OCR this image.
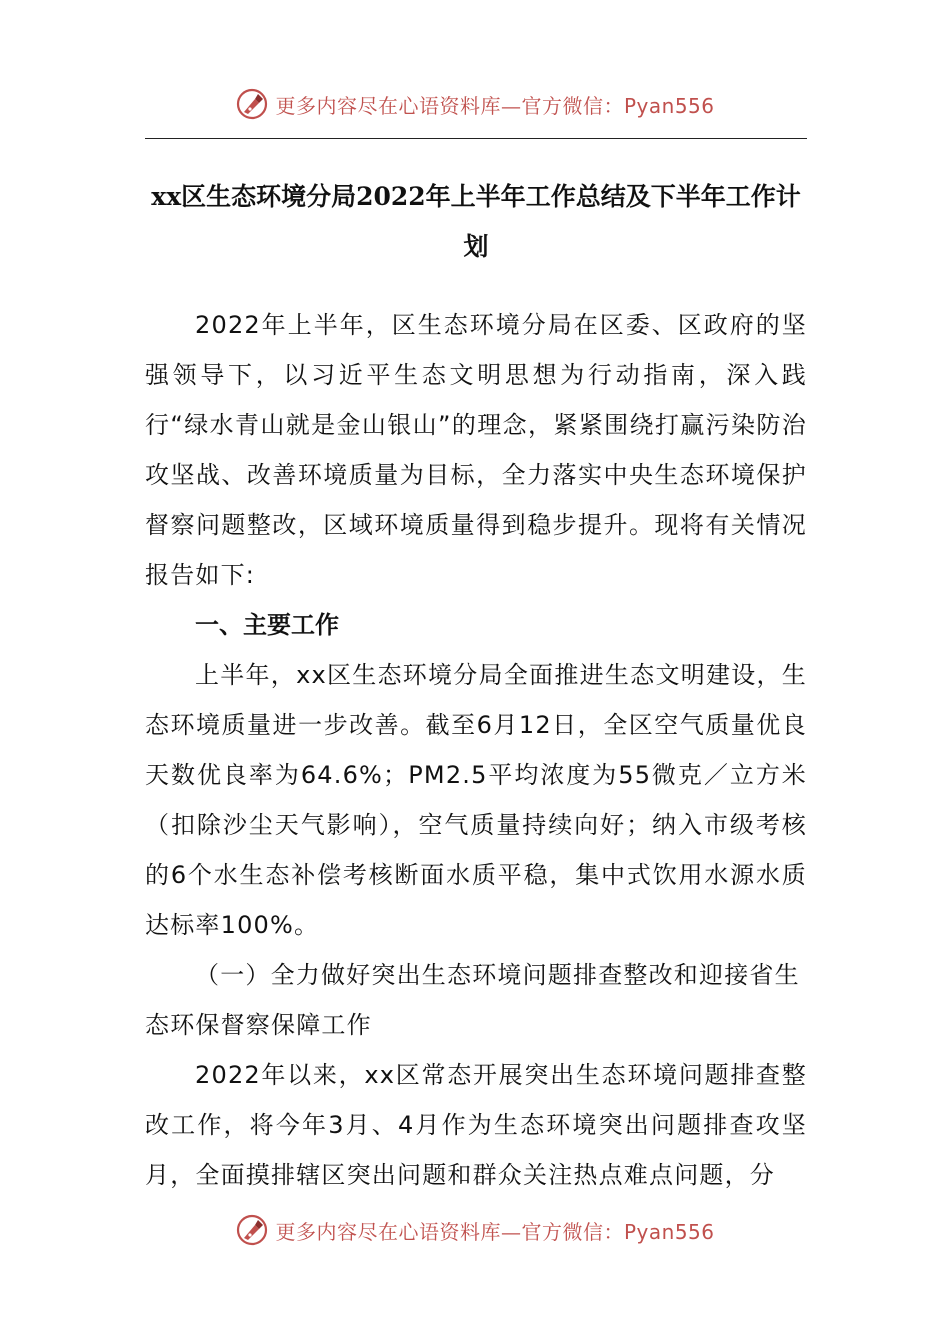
更多内容尽在心语资料库—官方微信：Pyan556
xx区生态环境分局2022年上半年工作总结及下半年工作计划

2022年上半年，区生态环境分局在区委、区政府的坚强领导下，以习近平生态文明思想为行动指南，深入践行“绿水青山就是金山银山”的理念，紧紧围绕打赢污染防治攻坚战、改善环境质量为目标，全力落实中央生态环境保护督察问题整改，区域环境质量得到稳步提升。现将有关情况报告如下:

一、主要工作

上半年，xx区生态环境分局全面推进生态文明建设，生态环境质量进一步改善。截至6月12日，全区空气质量优良天数优良率为64.6%；PM2.5平均浓度为55微克／立方米（扣除沙尘天气影响），空气质量持续向好；纳入市级考核的6个水生态补偿考核断面水质平稳，集中式饮用水源水质达标率100%。

（一）全力做好突出生态环境问题排查整改和迎接省生态环保督察保障工作

2022年以来，xx区常态开展突出生态环境问题排查整改工作，将今年3月、4月作为生态环境突出问题排查攻坚月，全面摸排辖区突出问题和群众关注热点难点问题，分

更多内容尽在心语资料库—官方微信：Pyan556
